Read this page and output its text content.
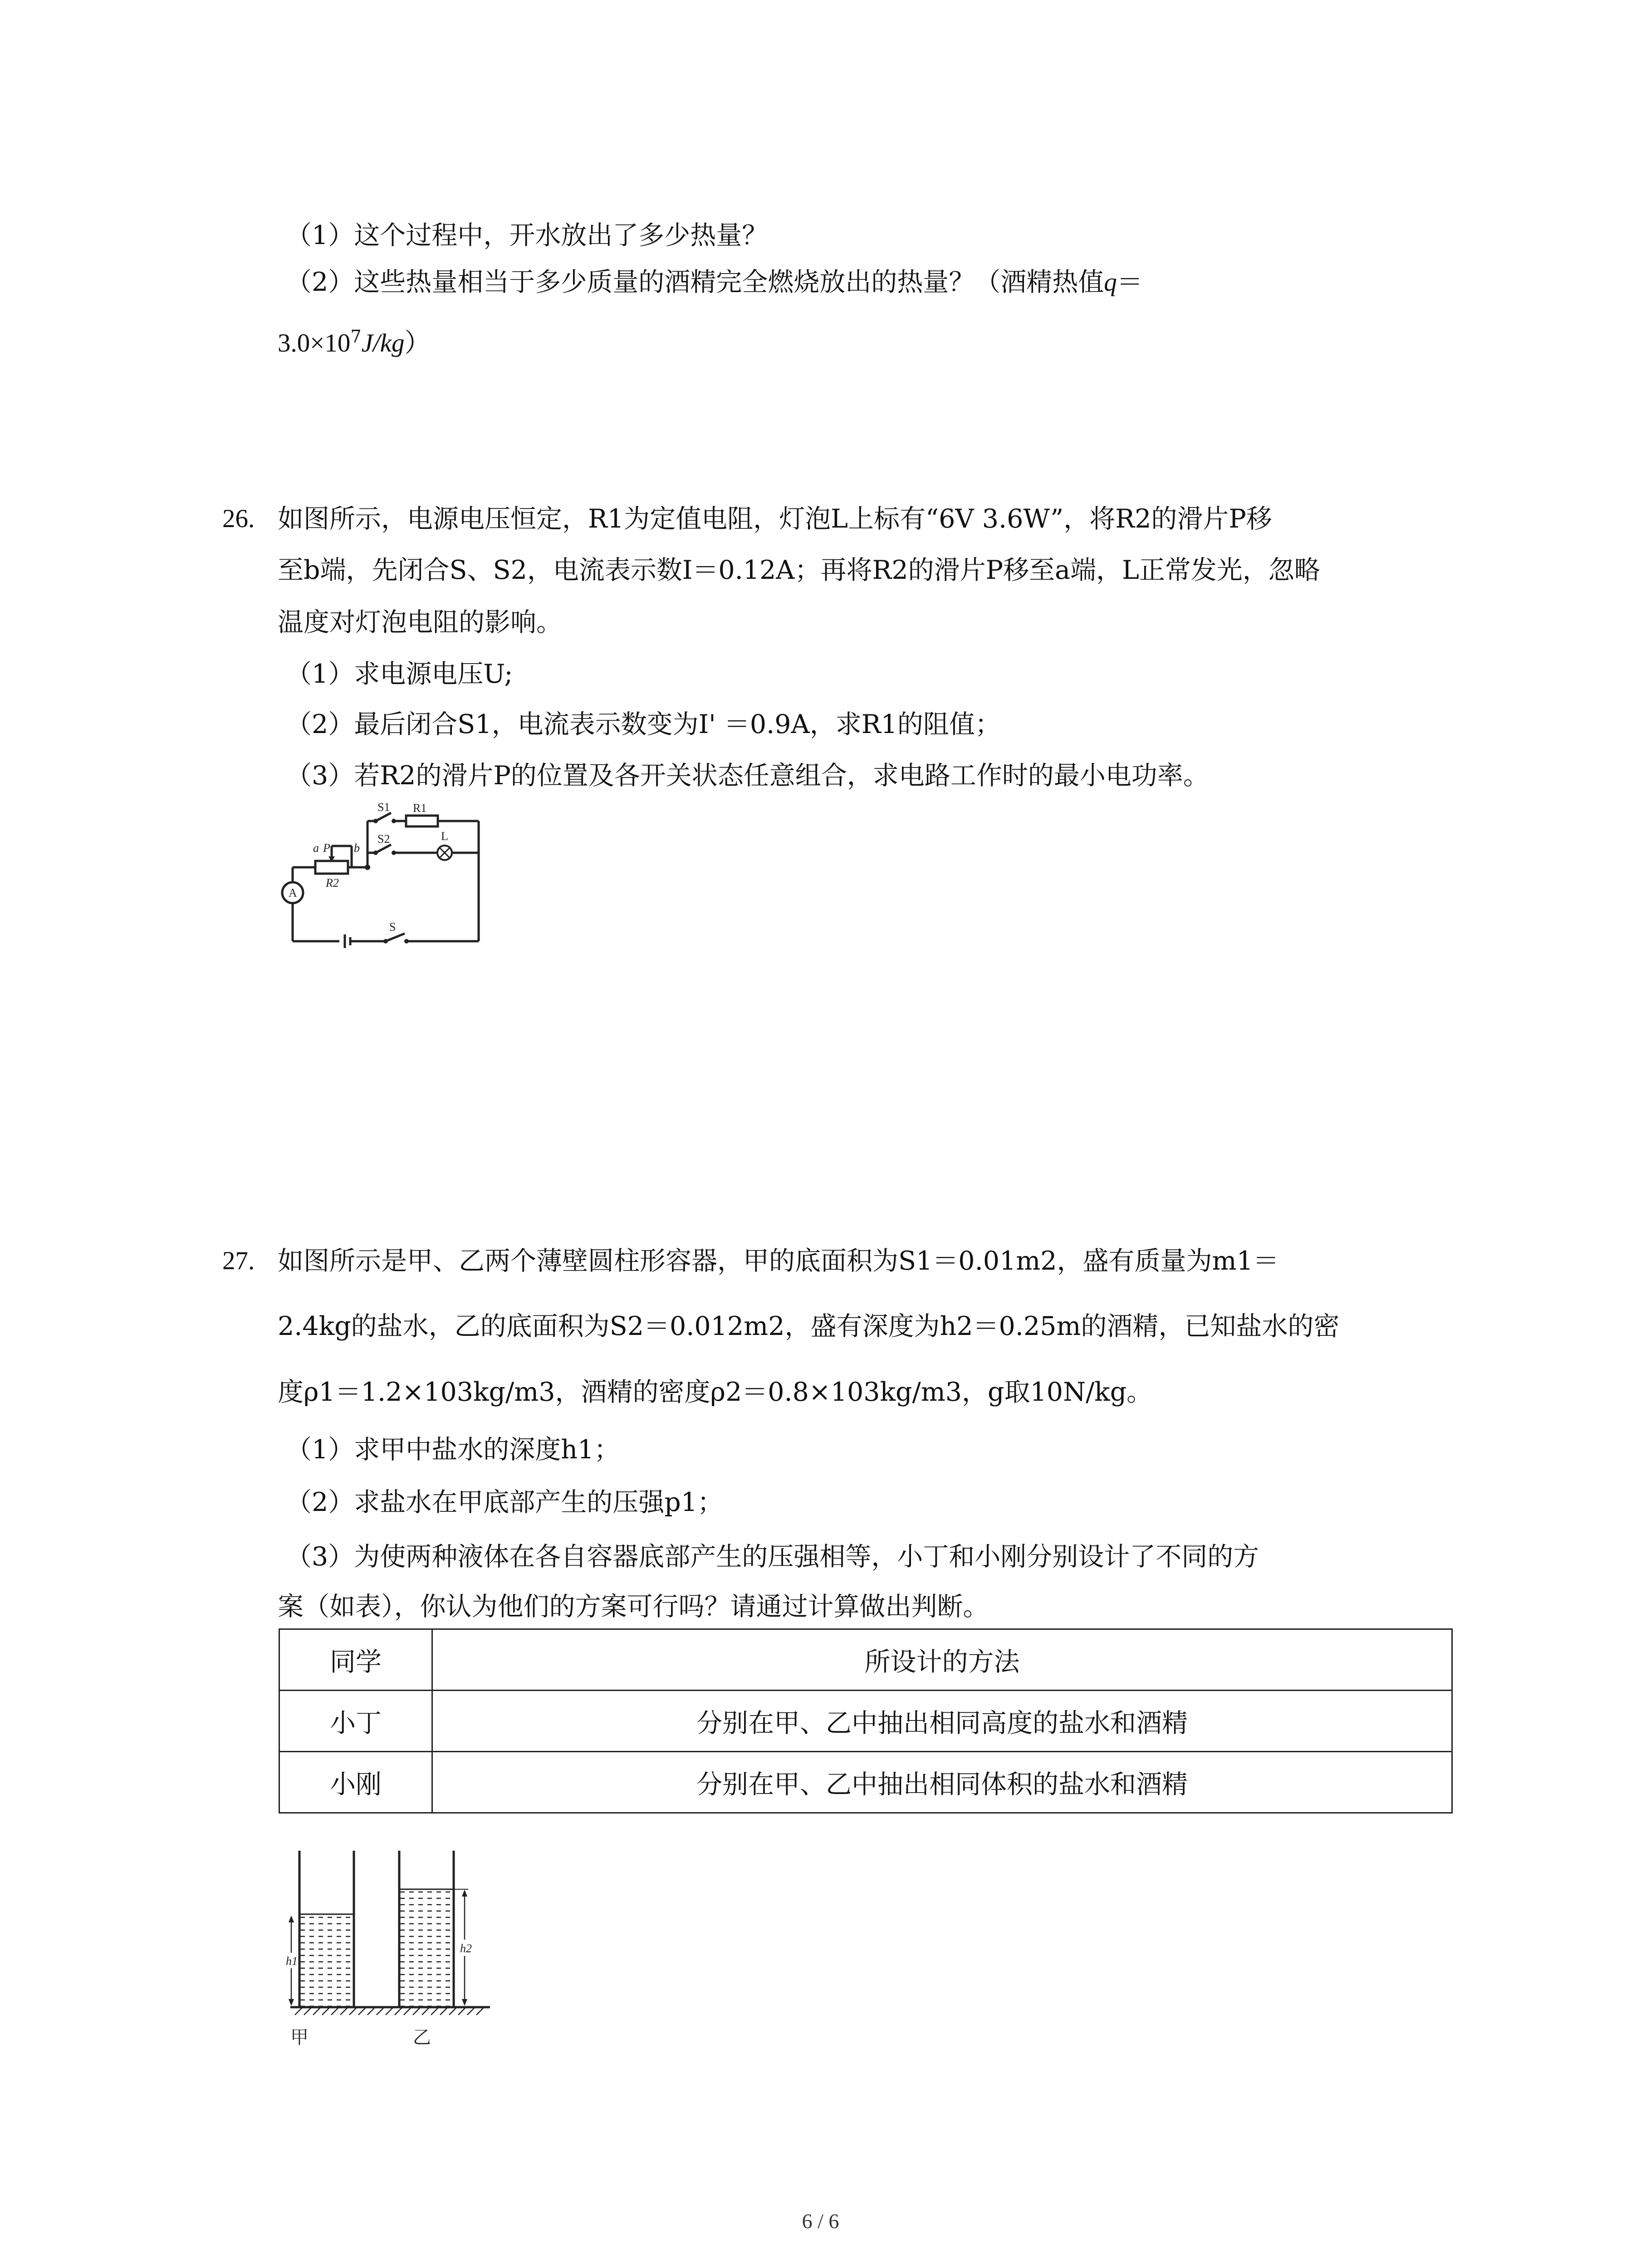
（1）这个过程中，开水放出了多少热量？
（2）这些热量相当于多少质量的酒精完全燃烧放出的热量？（酒精热值q＝
$3.0\times 10^7J/kg$）
26. 如图所示，电源电压恒定，R1为定值电阻，灯泡L上标有“6V 3.6W”，将R2的滑片P移
至b端，先闭合S、S2，电流表示数I＝0.12A；再将R2的滑片P移至a端，L正常发光，忽略
温度对灯泡电阻的影响。
（1）求电源电压U;
（2）最后闭合S1，电流表示数变为I' ＝0.9A，求R1的阻值；
（3）若R2的滑片P的位置及各开关状态任意组合，求电路工作时的最小电功率。
A
a P b
R2
S1 R1
S2	L
S
27. 如图所示是甲、乙两个薄壁圆柱形容器，甲的底面积为S1＝0.01m2，盛有质量为m1＝
2.4kg的盐水，乙的底面积为S2＝0.012m2，盛有深度为h2＝0.25m的酒精，已知盐水的密
度ρ1＝1.2×103kg/m3，酒精的密度ρ2＝0.8×103kg/m3，g取10N/kg。
（1）求甲中盐水的深度h1；
（2）求盐水在甲底部产生的压强p1；
（3）为使两种液体在各自容器底部产生的压强相等，小丁和小刚分别设计了不同的方
案（如表），你认为他们的方案可行吗？请通过计算做出判断。
同学	所设计的方法
小丁	分别在甲、乙中抽出相同高度的盐水和酒精
小刚	分别在甲、乙中抽出相同体积的盐水和酒精
h1
h2
甲	乙
6 / 6
